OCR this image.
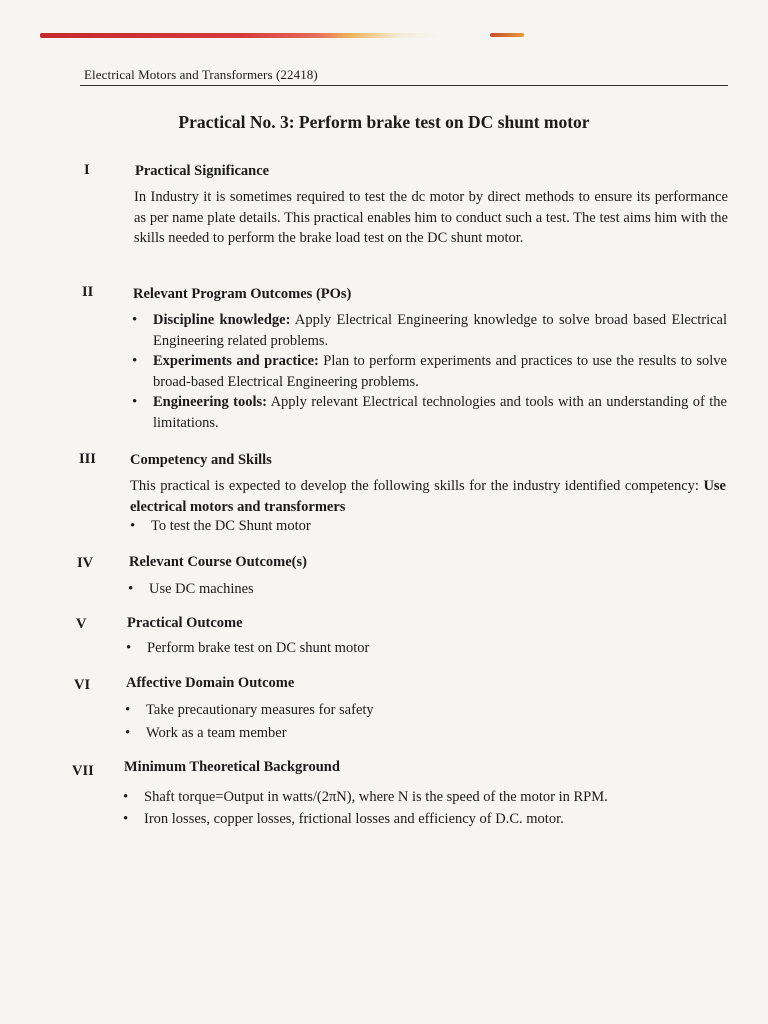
Electrical Motors and Transformers (22418)
Practical No. 3: Perform brake test on DC shunt motor
I	Practical Significance
In Industry it is sometimes required to test the dc motor by direct methods to ensure its performance as per name plate details. This practical enables him to conduct such a test. The test aims him with the skills needed to perform the brake load test on the DC shunt motor.
II	Relevant Program Outcomes (POs)
• Discipline knowledge: Apply Electrical Engineering knowledge to solve broad based Electrical Engineering related problems.
• Experiments and practice: Plan to perform experiments and practices to use the results to solve broad-based Electrical Engineering problems.
• Engineering tools: Apply relevant Electrical technologies and tools with an understanding of the limitations.
III Competency and Skills
This practical is expected to develop the following skills for the industry identified competency: Use electrical motors and transformers
• To test the DC Shunt motor
IV Relevant Course Outcome(s)
• Use DC machines
V	Practical Outcome
• Perform brake test on DC shunt motor
VI Affective Domain Outcome
• Take precautionary measures for safety
• Work as a team member
VII Minimum Theoretical Background
• Shaft torque=Output in watts/(2πN), where N is the speed of the motor in RPM.
• Iron losses, copper losses, frictional losses and efficiency of D.C. motor.
